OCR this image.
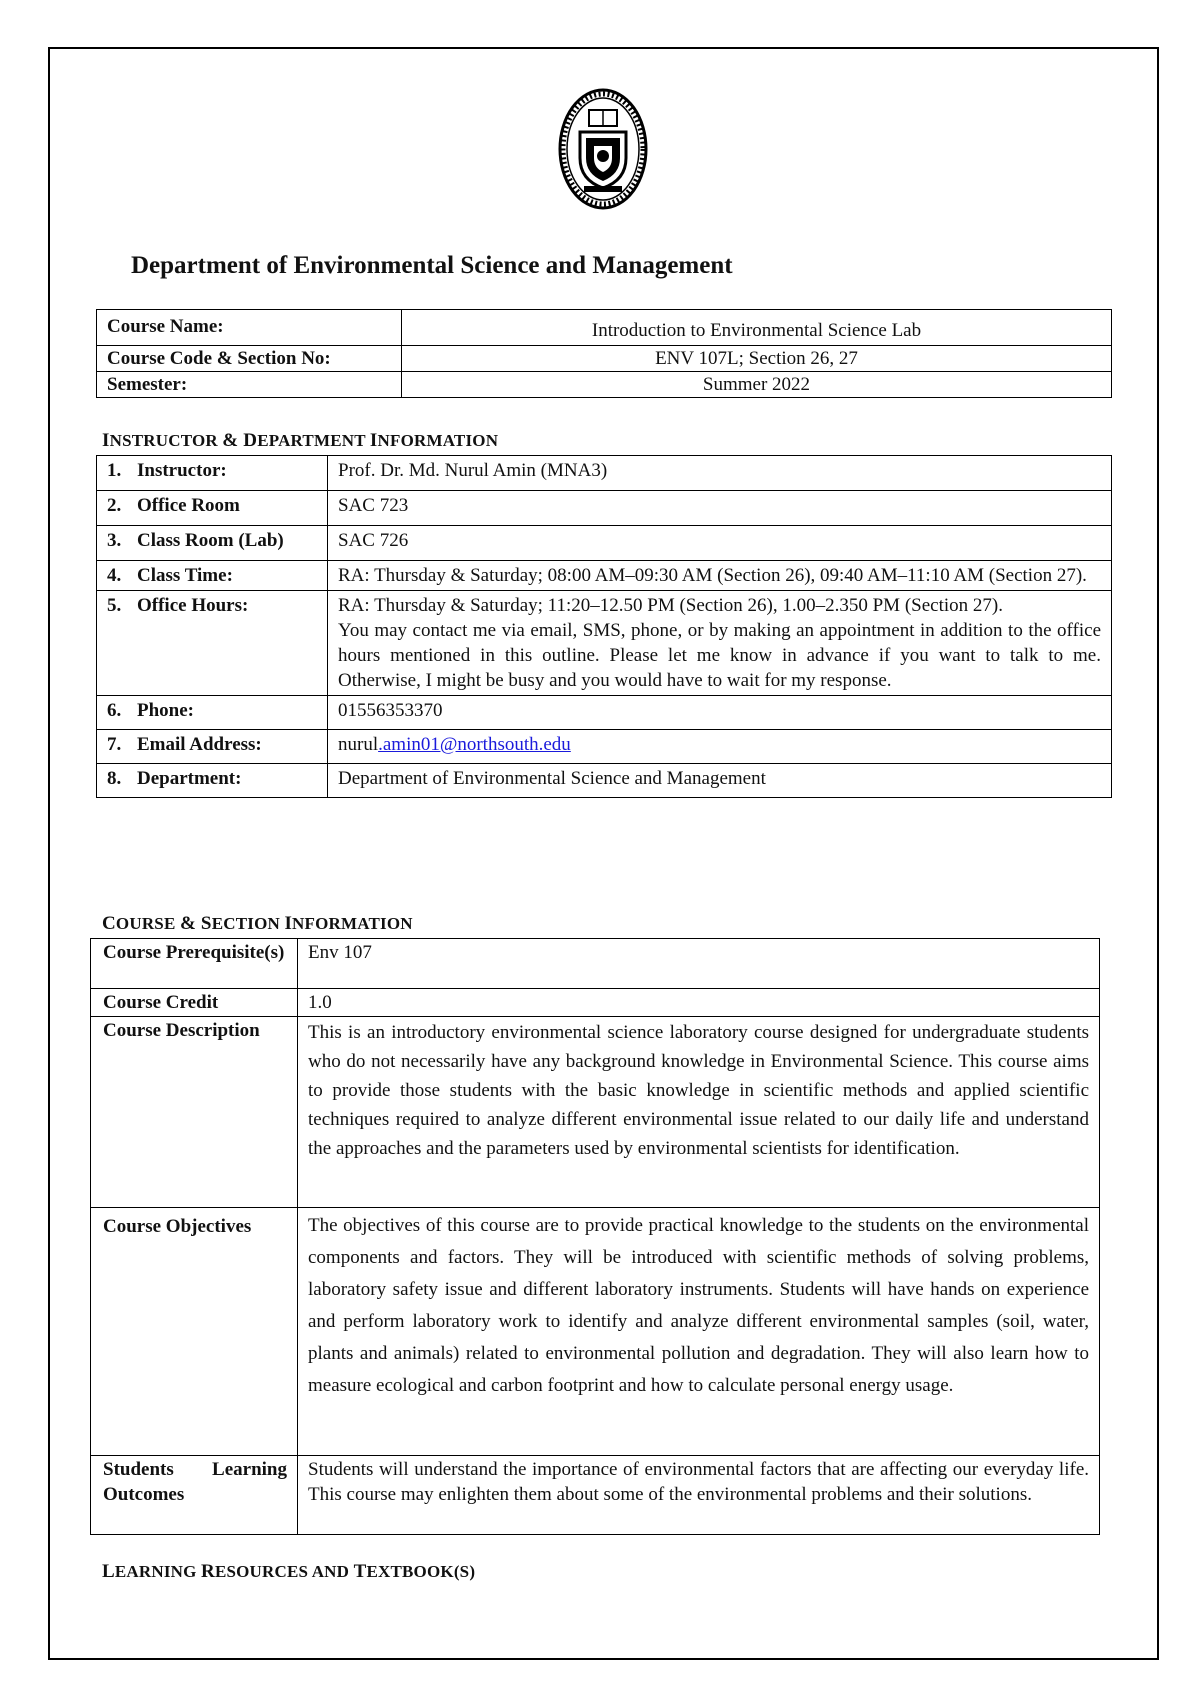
Department of Environmental Science and Management
Course Name:	Introduction to Environmental Science Lab
Course Code & Section No:	ENV 107L; Section 26, 27
Semester:	Summer 2022
INSTRUCTOR & DEPARTMENT INFORMATION
1. Instructor:	Prof. Dr. Md. Nurul Amin (MNA3)
2. Office Room	SAC 723
3. Class Room (Lab)	SAC 726
4. Class Time:	RA: Thursday & Saturday; 08:00 AM–09:30 AM (Section 26), 09:40 AM–11:10 AM (Section 27).
5. Office Hours:	RA: Thursday & Saturday; 11:20–12.50 PM (Section 26), 1.00–2.350 PM (Section 27).
You may contact me via email, SMS, phone, or by making an appointment in addition to the office hours mentioned in this outline. Please let me know in advance if you want to talk to me. Otherwise, I might be busy and you would have to wait for my response.

6. Phone:	01556353370
7. Email Address:	nurul.amin01@northsouth.edu
8. Department:	Department of Environmental Science and Management
COURSE & SECTION INFORMATION
Course Prerequisite(s)	Env 107
Course Credit	1.0
Course Description	This is an introductory environmental science laboratory course designed for undergraduate students who do not necessarily have any background knowledge in Environmental Science. This course aims to provide those students with the basic knowledge in scientific methods and applied scientific techniques required to analyze different environmental issue related to our daily life and understand the approaches and the parameters used by environmental scientists for identification.
Course Objectives	The objectives of this course are to provide practical knowledge to the students on the environmental components and factors. They will be introduced with scientific methods of solving problems, laboratory safety issue and different laboratory instruments. Students will have hands on experience and perform laboratory work to identify and analyze different environmental samples (soil, water, plants and animals) related to environmental pollution and degradation. They will also learn how to measure ecological and carbon footprint and how to calculate personal energy usage.
Students Learning Outcomes	Students will understand the importance of environmental factors that are affecting our everyday life. This course may enlighten them about some of the environmental problems and their solutions.
LEARNING RESOURCES AND TEXTBOOK(S)
